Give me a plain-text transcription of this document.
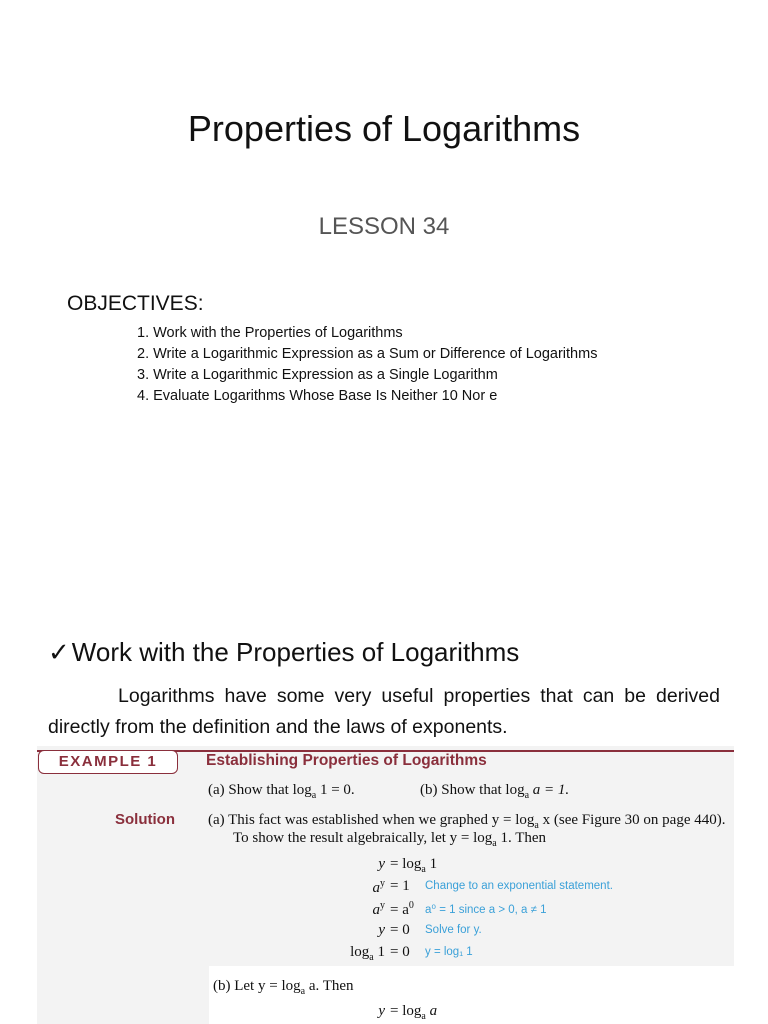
Properties of Logarithms
LESSON 34
OBJECTIVES:
1. Work with the Properties of Logarithms
2. Write a Logarithmic Expression as a Sum or Difference of Logarithms
3. Write a Logarithmic Expression as a Single Logarithm
4. Evaluate Logarithms Whose Base Is Neither 10 Nor e
✓Work with the Properties of Logarithms
Logarithms have some very useful properties that can be derived directly from the definition and the laws of exponents.
EXAMPLE 1	Establishing Properties of Logarithms
(a) Show that $\log_a 1 = 0$.	(b) Show that $\log_a a = 1$.
Solution (a) This fact was established when we graphed $y = \log_a x$ (see Figure 30 on page 440).
To show the result algebraically, let $y = \log_a 1$. Then
$y = \log_a 1$
$a^y = 1$ Change to an exponential statement.
$a^y = a^0$ a⁰ = 1 since a > 0, a ≠ 1
y = 0 Solve for y.
$\log_a 1 = 0$ y = log₁ 1
(b) Let $y = \log_a a$. Then
$y = \log_a a$
